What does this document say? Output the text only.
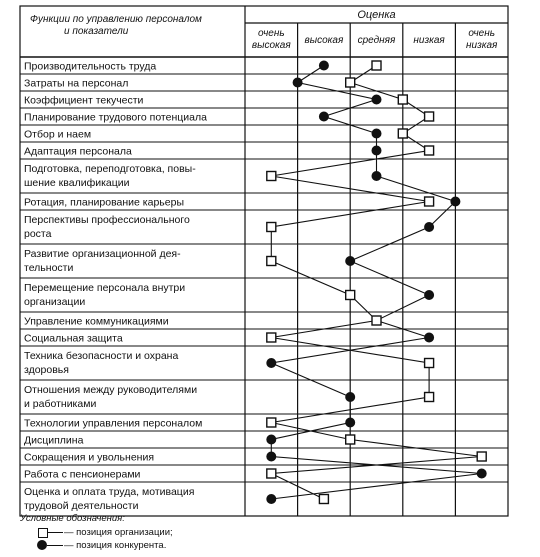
Функции по управлению персоналом
и показатели
Оценка
очень
высокая высокая средняя низкая
очень
низкая
Производительность труда
Затраты на персонал
Коэффициент текучести
Планирование трудового потенциала
Отбор и наем
Адаптация персонала
Подготовка, переподготовка, повы-
шение квалификации
Ротация, планирование карьеры
Перспективы профессионального
роста
Развитие организационной дея-
тельности
Перемещение персонала внутри
организации
Управление коммуникациями
Социальная защита
Техника безопасности и охрана
здоровья
Отношения между руководителями
и работниками
Технологии управления персоналом
Дисциплина
Сокращения и увольнения
Работа с пенсионерами
Оценка и оплата труда, мотивация
трудовой деятельности
Условные обозначения:
— позиция организации;
— позиция конкурента.
